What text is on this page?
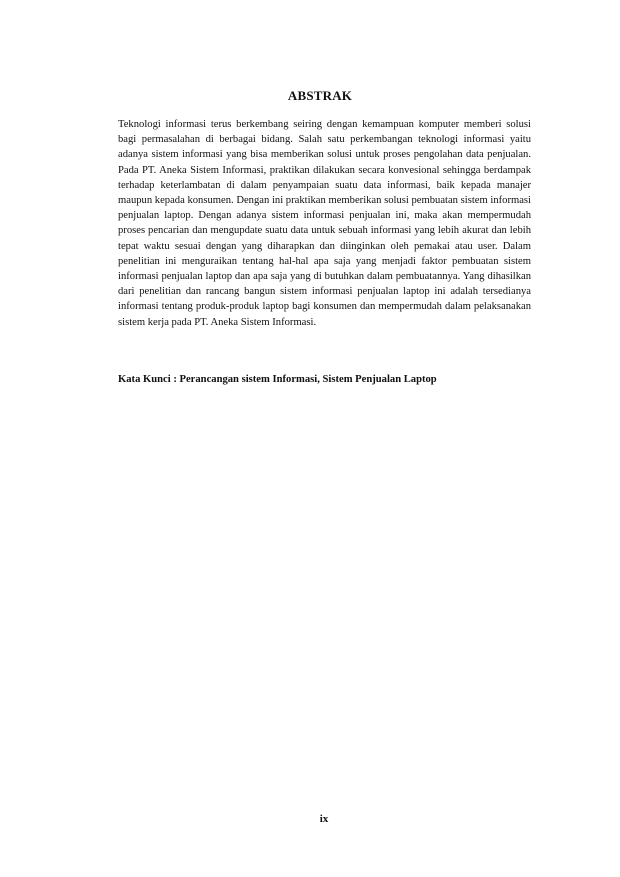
ABSTRAK

Teknologi informasi terus berkembang seiring dengan kemampuan komputer memberi solusi bagi permasalahan di berbagai bidang. Salah satu perkembangan teknologi informasi yaitu adanya sistem informasi yang bisa memberikan solusi untuk proses pengolahan data penjualan. Pada PT. Aneka Sistem Informasi, praktikan dilakukan secara konvesional sehingga berdampak terhadap keterlambatan di dalam penyampaian suatu data informasi, baik kepada manajer maupun kepada konsumen. Dengan ini praktikan memberikan solusi pembuatan sistem informasi penjualan laptop. Dengan adanya sistem informasi penjualan ini, maka akan mempermudah proses pencarian dan mengupdate suatu data untuk sebuah informasi yang lebih akurat dan lebih tepat waktu sesuai dengan yang diharapkan dan diinginkan oleh pemakai atau user. Dalam penelitian ini menguraikan tentang hal-hal apa saja yang menjadi faktor pembuatan sistem informasi penjualan laptop dan apa saja yang di butuhkan dalam pembuatannya. Yang dihasilkan dari penelitian dan rancang bangun sistem informasi penjualan laptop ini adalah tersedianya informasi tentang produk-produk laptop bagi konsumen dan mempermudah dalam pelaksanakan sistem kerja pada PT. Aneka Sistem Informasi.

Kata Kunci : Perancangan sistem Informasi, Sistem Penjualan Laptop

ix
